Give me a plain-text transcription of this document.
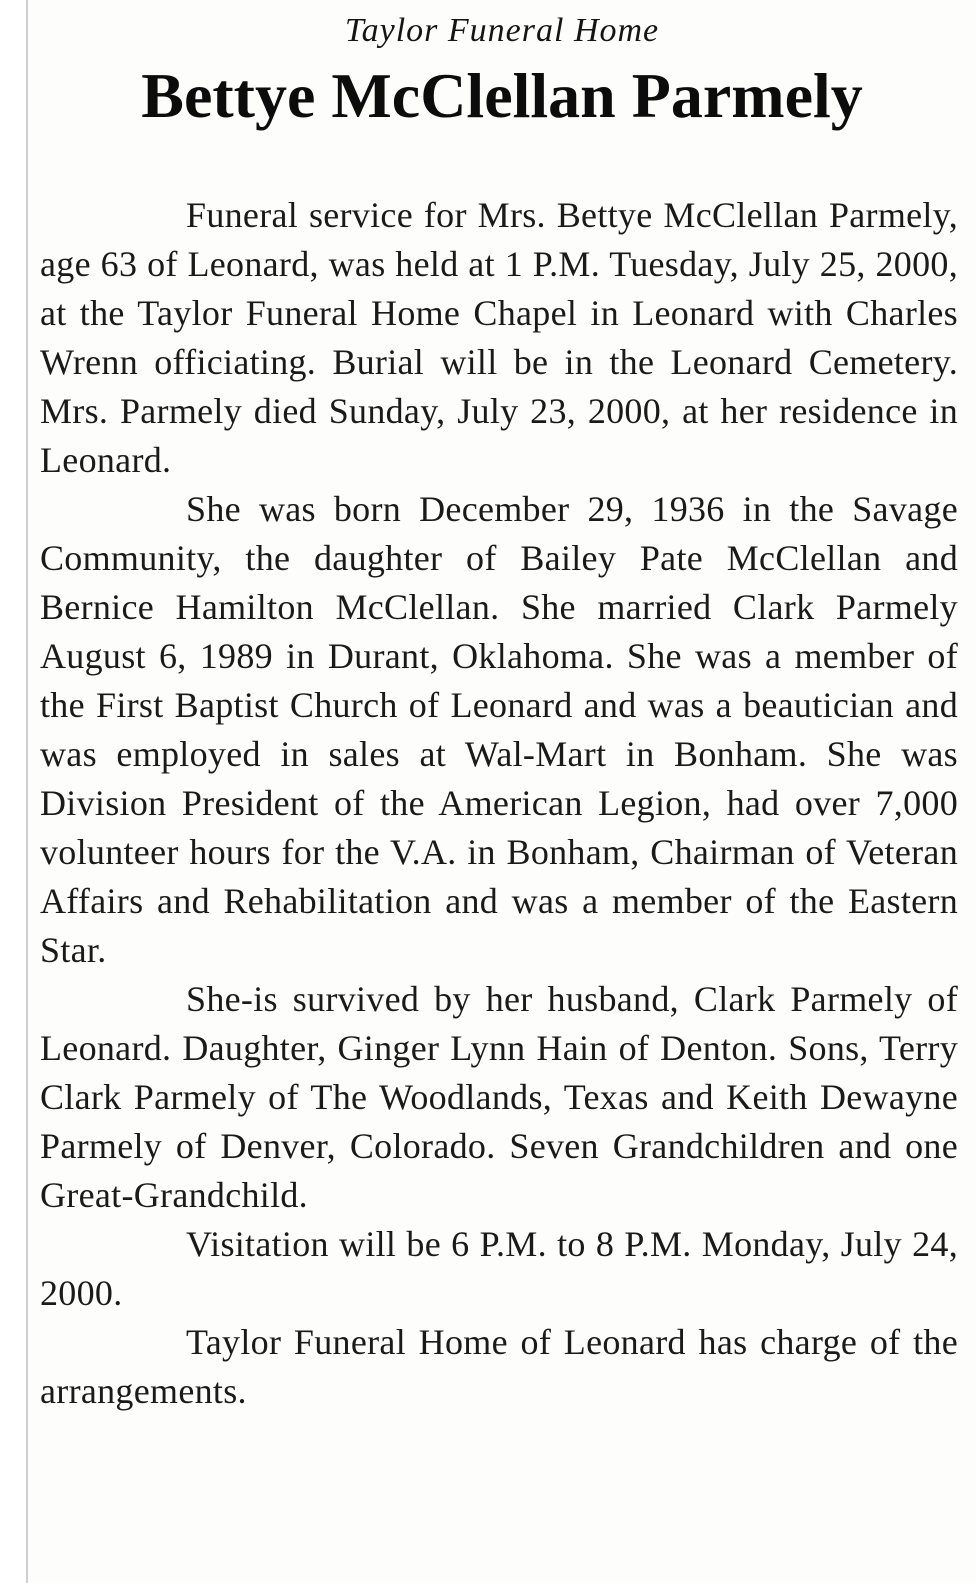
Taylor Funeral Home
Bettye McClellan Parmely

Funeral service for Mrs. Bettye McClellan Parmely, age 63 of Leonard, was held at 1 P.M. Tuesday, July 25, 2000, at the Taylor Funeral Home Chapel in Leonard with Charles Wrenn officiating. Burial will be in the Leonard Cemetery. Mrs. Parmely died Sunday, July 23, 2000, at her residence in Leonard.

She was born December 29, 1936 in the Savage Community, the daughter of Bailey Pate McClellan and Bernice Hamilton McClellan. She married Clark Parmely August 6, 1989 in Durant, Oklahoma. She was a member of the First Baptist Church of Leonard and was a beautician and was employed in sales at Wal-Mart in Bonham. She was Division President of the American Legion, had over 7,000 volunteer hours for the V.A. in Bonham, Chairman of Veteran Affairs and Rehabilitation and was a member of the Eastern Star.

She-is survived by her husband, Clark Parmely of Leonard. Daughter, Ginger Lynn Hain of Denton. Sons, Terry Clark Parmely of The Woodlands, Texas and Keith Dewayne Parmely of Denver, Colorado. Seven Grandchildren and one Great-Grandchild.

Visitation will be 6 P.M. to 8 P.M. Monday, July 24, 2000.

Taylor Funeral Home of Leonard has charge of the arrangements.
